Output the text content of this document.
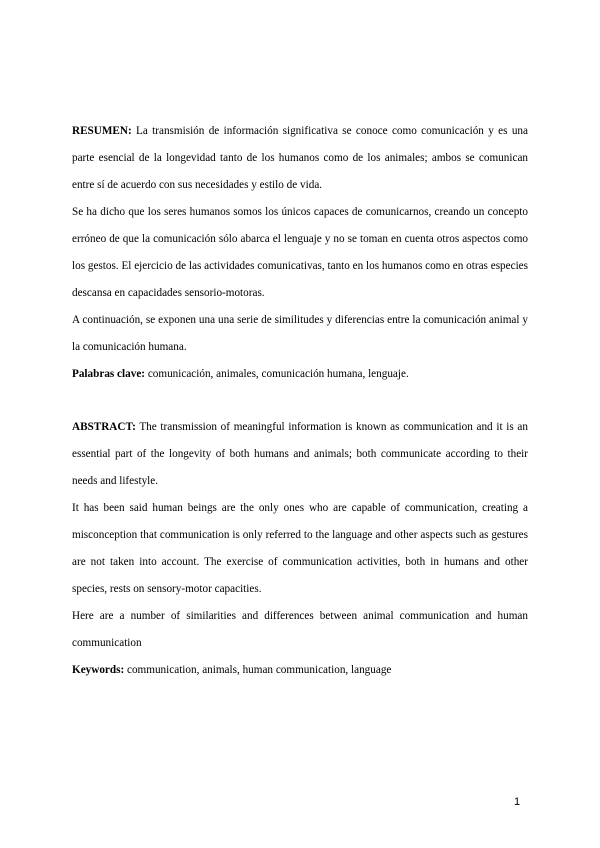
RESUMEN: La transmisión de información significativa se conoce como comunicación y es una parte esencial de la longevidad tanto de los humanos como de los animales; ambos se comunican entre sí de acuerdo con sus necesidades y estilo de vida.

Se ha dicho que los seres humanos somos los únicos capaces de comunicarnos, creando un concepto erróneo de que la comunicación sólo abarca el lenguaje y no se toman en cuenta otros aspectos como los gestos. El ejercicio de las actividades comunicativas, tanto en los humanos como en otras especies descansa en capacidades sensorio-motoras.

A continuación, se exponen una una serie de similitudes y diferencias entre la comunicación animal y la comunicación humana.

Palabras clave: comunicación, animales, comunicación humana, lenguaje.

ABSTRACT: The transmission of meaningful information is known as communication and it is an essential part of the longevity of both humans and animals; both communicate according to their needs and lifestyle.

It has been said human beings are the only ones who are capable of communication, creating a misconception that communication is only referred to the language and other aspects such as gestures are not taken into account. The exercise of communication activities, both in humans and other species, rests on sensory-motor capacities.

Here are a number of similarities and differences between animal communication and human communication

Keywords: communication, animals, human communication, language

1
